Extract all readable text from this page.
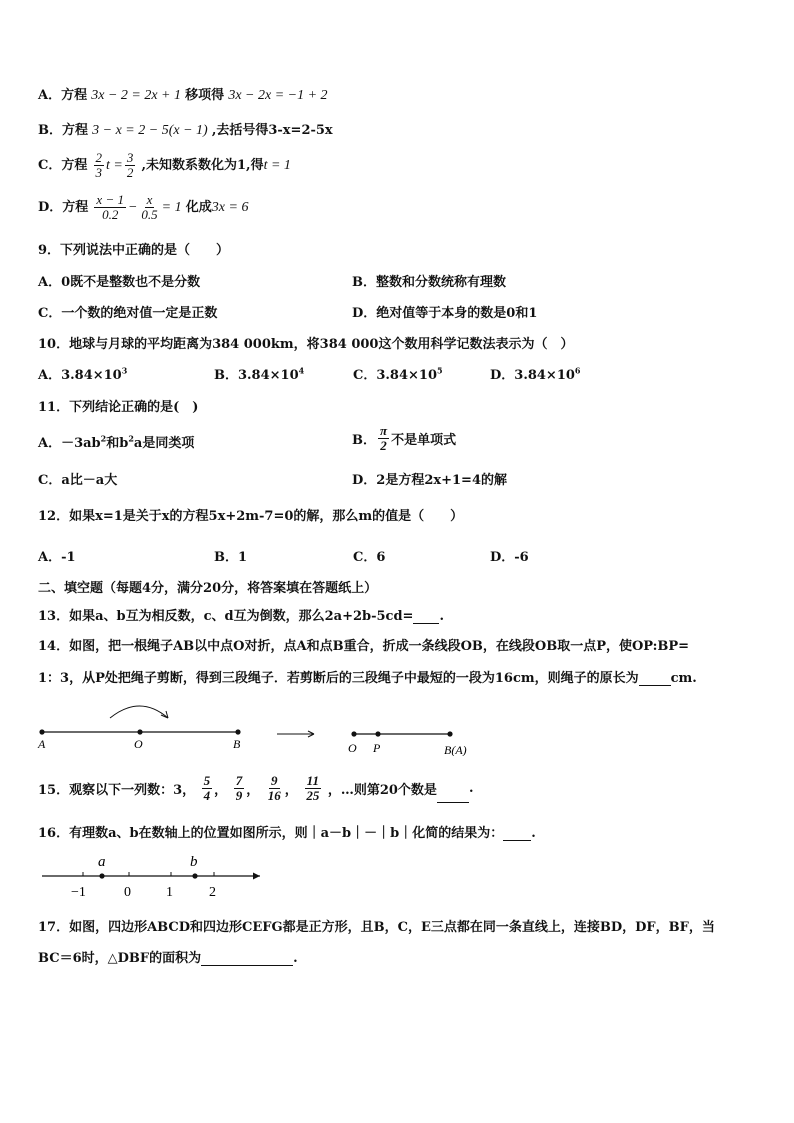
A．方程 3x − 2 = 2x + 1 移项得 3x − 2x = −1 + 2
B．方程 3 − x = 2 − 5(x − 1) ,去括号得3-x=2-5x
C．方程 $\frac{2}{3}$ $t = \frac{3}{2}$ ,未知数系数化为1,得t = 1
D．方程 $\frac{x - 1}{0.2} - \frac{x}{0.5} = 1$ 化成3x = 6
9．下列说法中正确的是（　　）
A．0既不是整数也不是分数	B．整数和分数统称有理数
C．一个数的绝对值一定是正数	D．绝对值等于本身的数是0和1
10．地球与月球的平均距离为384 000km，将384 000这个数用科学记数法表示为（　）
A．$3.84\times 10^3$	B．$3.84\times 10^4$	C．$3.84\times 10^5$	D．$3.84\times 10^6$
11．下列结论正确的是(　)
A．$-3ab^2$和$b^2a$是同类项	B． $\frac{\pi}{2}$ 不是单项式
C．a比－a大	D．2是方程2x+1=4的解
12．如果x=1是关于x的方程5x+2m-7=0的解，那么m的值是（　　）
A．-1	B．1	C．6	D．-6
二、填空题（每题4分，满分20分，将答案填在答题纸上）
13．如果a、b互为相反数，c、d互为倒数，那么2a+2b-5cd= .
14．如图，把一根绳子AB以中点O对折，点A和点B重合，折成一条线段OB，在线段OB取一点P，使OP:BP=
1：3，从P处把绳子剪断，得到三段绳子．若剪断后的三段绳子中最短的一段为16cm，则绳子的原长为 cm.
A	O	B	O P	B(A)
15．观察以下一列数：3， $\frac{5}{4}$ ， $\frac{7}{9}$ ， $\frac{9}{16}$ ， $\frac{11}{25}$ ，…则第20个数是 .
16．有理数a、b在数轴上的位置如图所示，则｜a－b｜－｜b｜化简的结果为： .
a	b
−1	0	1	2
17．如图，四边形ABCD和四边形CEFG都是正方形，且B，C，E三点都在同一条直线上，连接BD，DF，BF，当
BC＝6时，△DBF的面积为	.
